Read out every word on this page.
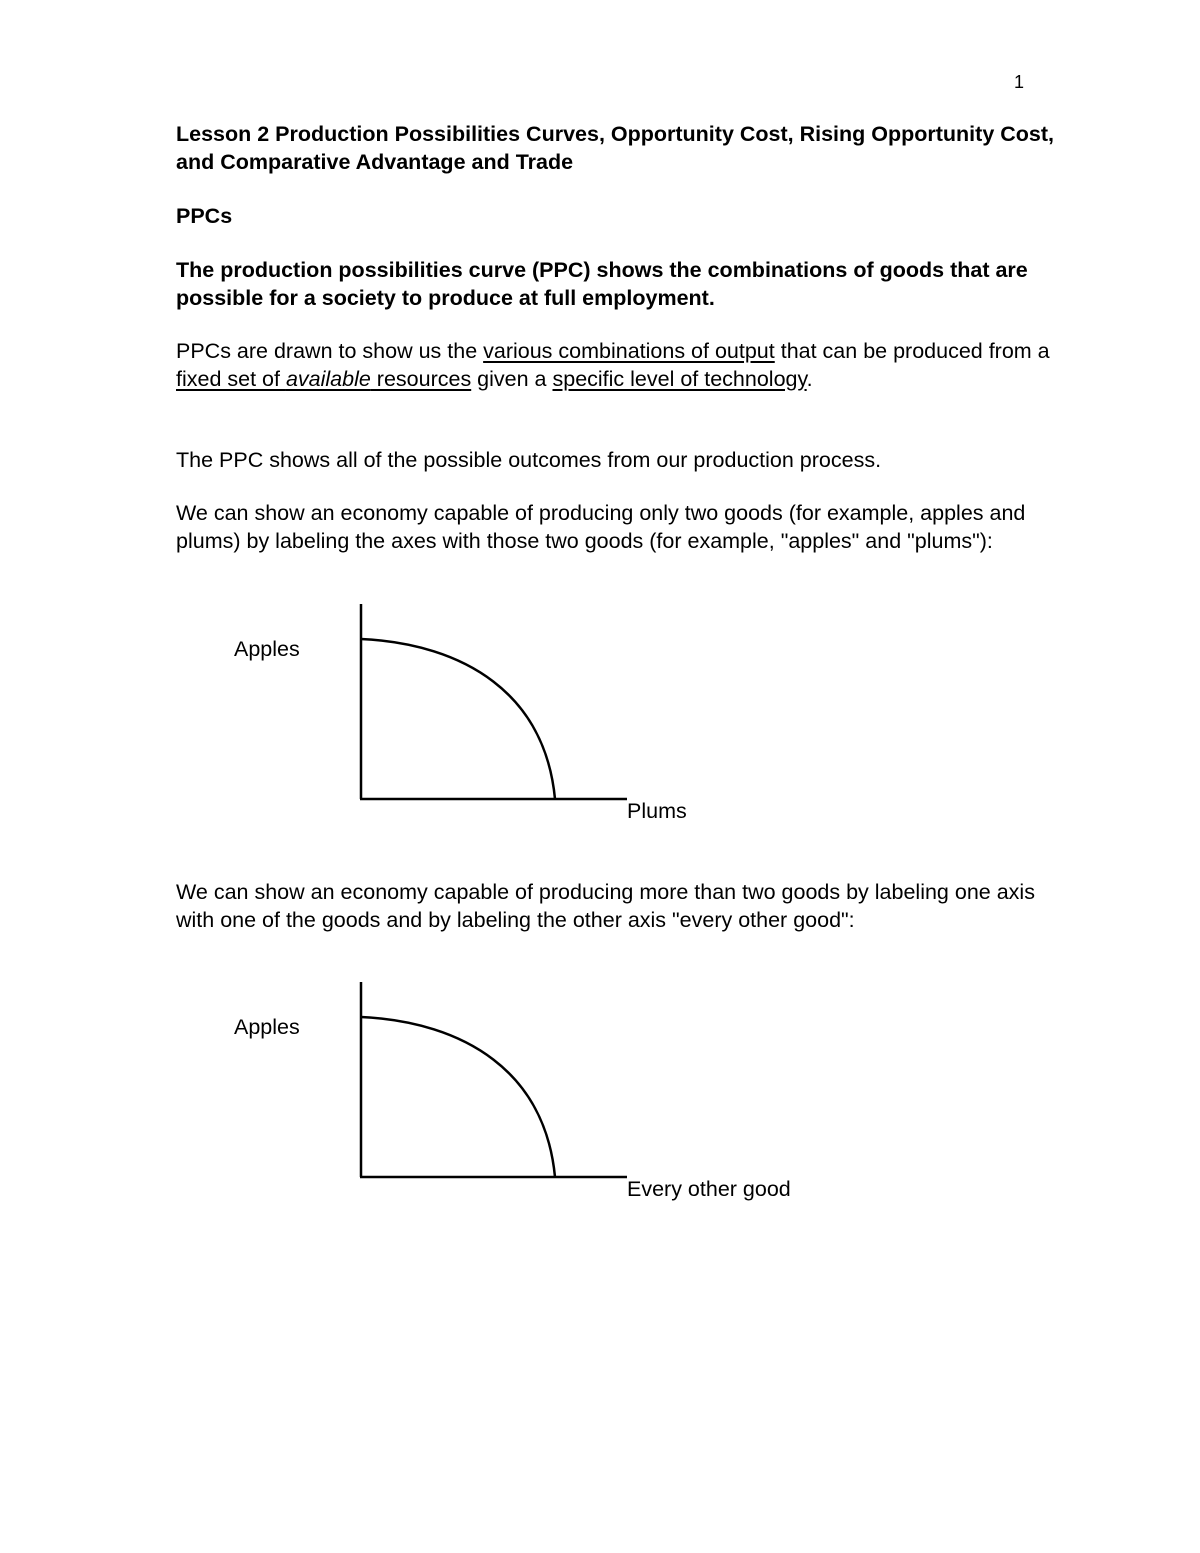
1
Lesson 2 Production Possibilities Curves, Opportunity Cost, Rising Opportunity Cost, and Comparative Advantage and Trade
PPCs
The production possibilities curve (PPC) shows the combinations of goods that are possible for a society to produce at full employment.
PPCs are drawn to show us the various combinations of output that can be produced from a fixed set of available resources given a specific level of technology.
The PPC shows all of the possible outcomes from our production process.
We can show an economy capable of producing only two goods (for example, apples and plums) by labeling the axes with those two goods (for example, "apples" and "plums"):
Apples
Plums
We can show an economy capable of producing more than two goods by labeling one axis with one of the goods and by labeling the other axis "every other good":
Apples
Every other good
